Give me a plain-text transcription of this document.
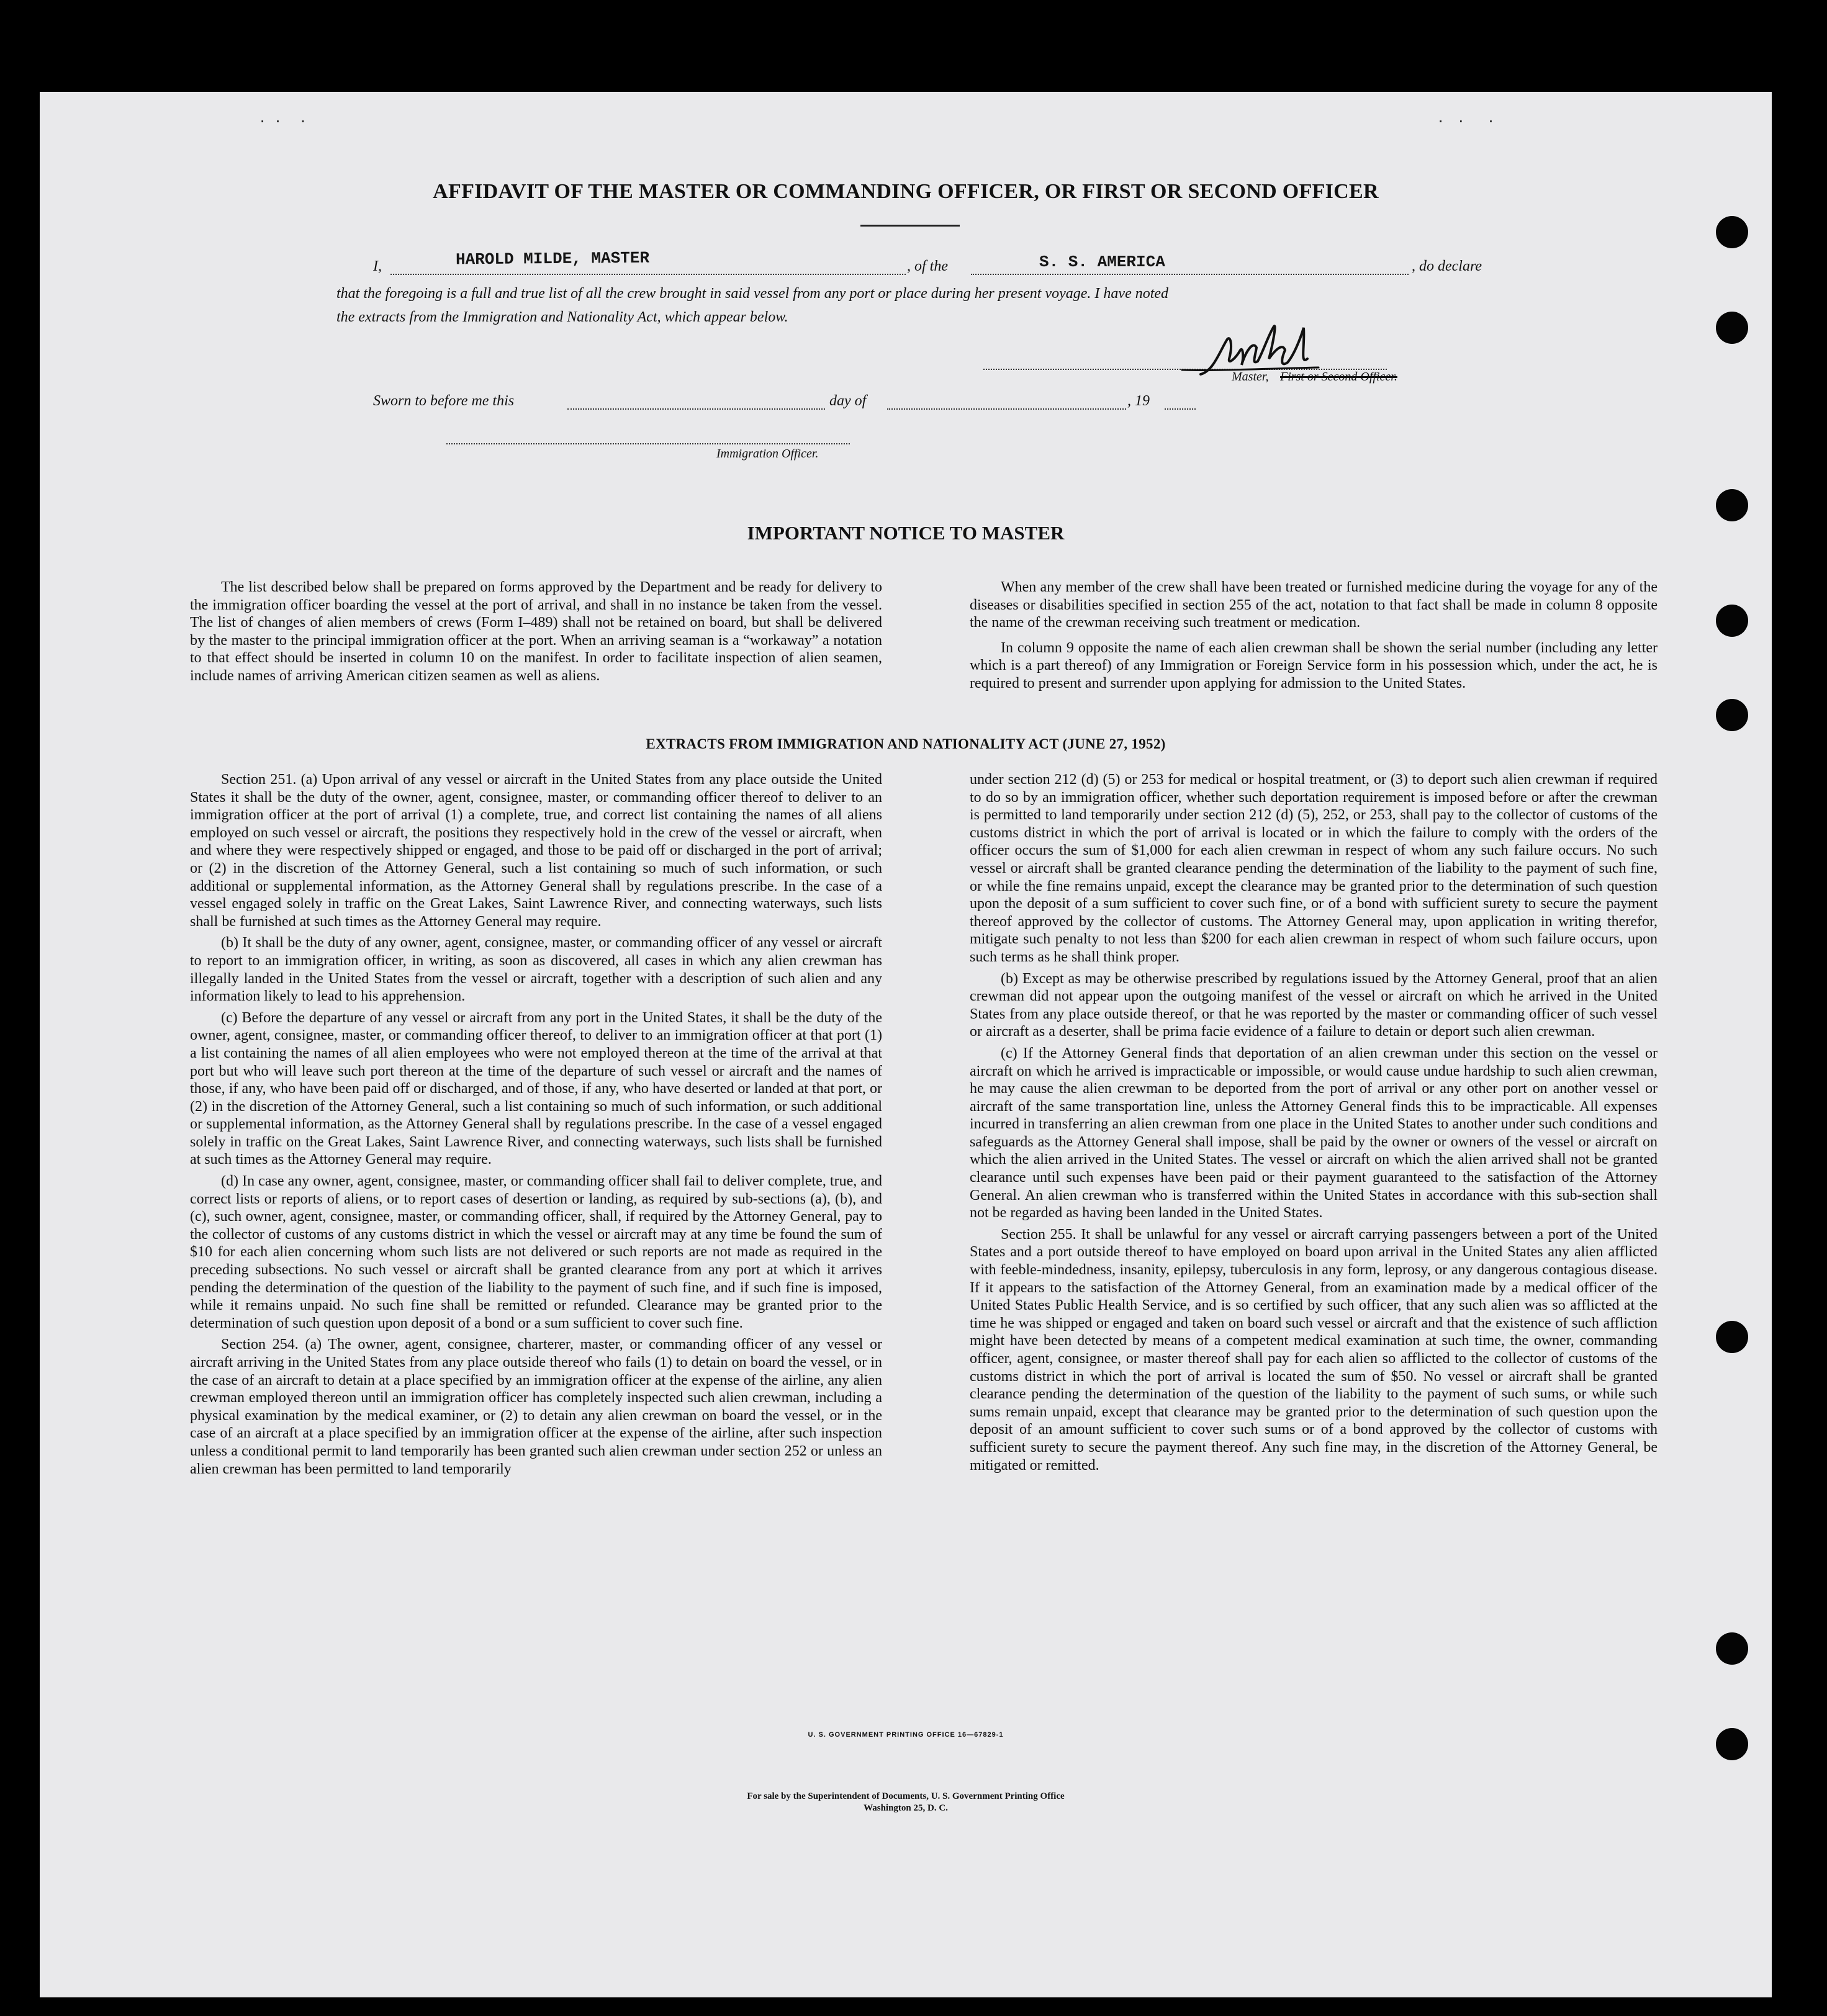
·  ·    ·	·   ·     ·
AFFIDAVIT OF THE MASTER OR COMMANDING OFFICER, OR FIRST OR SECOND OFFICER
I,	HAROLD MILDE, MASTER	, of the	S. S. AMERICA	, do declare
that the foregoing is a full and true list of all the crew brought in said vessel from any port or place during her present voyage. I have noted
the extracts from the Immigration and Nationality Act, which appear below.
Master, First or Second Officer.
Sworn to before me this	day of	, 19
Immigration Officer.
IMPORTANT NOTICE TO MASTER

The list described below shall be prepared on forms approved by the Department and be ready for delivery to the immigration officer boarding the vessel at the port of arrival, and shall in no instance be taken from the vessel. The list of changes of alien members of crews (Form I–489) shall not be retained on board, but shall be delivered by the master to the principal immigration officer at the port. When an arriving seaman is a “workaway” a notation to that effect should be inserted in column 10 on the manifest. In order to facilitate inspection of alien seamen, include names of arriving American citizen seamen as well as aliens.

When any member of the crew shall have been treated or furnished medicine during the voyage for any of the diseases or disabilities specified in section 255 of the act, notation to that fact shall be made in column 8 opposite the name of the crewman receiving such treatment or medication.

In column 9 opposite the name of each alien crewman shall be shown the serial number (including any letter which is a part thereof) of any Immigration or Foreign Service form in his possession which, under the act, he is required to present and surrender upon applying for admission to the United States.

EXTRACTS FROM IMMIGRATION AND NATIONALITY ACT (JUNE 27, 1952)

Section 251. (a) Upon arrival of any vessel or aircraft in the United States from any place outside the United States it shall be the duty of the owner, agent, consignee, master, or commanding officer thereof to deliver to an immigration officer at the port of arrival (1) a complete, true, and correct list containing the names of all aliens employed on such vessel or aircraft, the positions they respectively hold in the crew of the vessel or aircraft, when and where they were respectively shipped or engaged, and those to be paid off or discharged in the port of arrival; or (2) in the discretion of the Attorney General, such a list containing so much of such information, or such additional or supplemental information, as the Attorney General shall by regulations prescribe. In the case of a vessel engaged solely in traffic on the Great Lakes, Saint Lawrence River, and connecting waterways, such lists shall be furnished at such times as the Attorney General may require.

(b) It shall be the duty of any owner, agent, consignee, master, or commanding officer of any vessel or aircraft to report to an immigration officer, in writing, as soon as discovered, all cases in which any alien crewman has illegally landed in the United States from the vessel or aircraft, together with a description of such alien and any information likely to lead to his apprehension.

(c) Before the departure of any vessel or aircraft from any port in the United States, it shall be the duty of the owner, agent, consignee, master, or commanding officer thereof, to deliver to an immigration officer at that port (1) a list containing the names of all alien employees who were not employed thereon at the time of the arrival at that port but who will leave such port thereon at the time of the departure of such vessel or aircraft and the names of those, if any, who have been paid off or discharged, and of those, if any, who have deserted or landed at that port, or (2) in the discretion of the Attorney General, such a list containing so much of such information, or such additional or supplemental information, as the Attorney General shall by regulations prescribe. In the case of a vessel engaged solely in traffic on the Great Lakes, Saint Lawrence River, and connecting waterways, such lists shall be furnished at such times as the Attorney General may require.

(d) In case any owner, agent, consignee, master, or commanding officer shall fail to deliver complete, true, and correct lists or reports of aliens, or to report cases of desertion or landing, as required by sub-sections (a), (b), and (c), such owner, agent, consignee, master, or commanding officer, shall, if required by the Attorney General, pay to the collector of customs of any customs district in which the vessel or aircraft may at any time be found the sum of $10 for each alien concerning whom such lists are not delivered or such reports are not made as required in the preceding subsections. No such vessel or aircraft shall be granted clearance from any port at which it arrives pending the determination of the question of the liability to the payment of such fine, and if such fine is imposed, while it remains unpaid. No such fine shall be remitted or refunded. Clearance may be granted prior to the determination of such question upon deposit of a bond or a sum sufficient to cover such fine.

Section 254. (a) The owner, agent, consignee, charterer, master, or commanding officer of any vessel or aircraft arriving in the United States from any place outside thereof who fails (1) to detain on board the vessel, or in the case of an aircraft to detain at a place specified by an immigration officer at the expense of the airline, any alien crewman employed thereon until an immigration officer has completely inspected such alien crewman, including a physical examination by the medical examiner, or (2) to detain any alien crewman on board the vessel, or in the case of an aircraft at a place specified by an immigration officer at the expense of the airline, after such inspection unless a conditional permit to land temporarily has been granted such alien crewman under section 252 or unless an alien crewman has been permitted to land temporarily

under section 212 (d) (5) or 253 for medical or hospital treatment, or (3) to deport such alien crewman if required to do so by an immigration officer, whether such deportation requirement is imposed before or after the crewman is permitted to land temporarily under section 212 (d) (5), 252, or 253, shall pay to the collector of customs of the customs district in which the port of arrival is located or in which the failure to comply with the orders of the officer occurs the sum of $1,000 for each alien crewman in respect of whom any such failure occurs. No such vessel or aircraft shall be granted clearance pending the determination of the liability to the payment of such fine, or while the fine remains unpaid, except the clearance may be granted prior to the determination of such question upon the deposit of a sum sufficient to cover such fine, or of a bond with sufficient surety to secure the payment thereof approved by the collector of customs. The Attorney General may, upon application in writing therefor, mitigate such penalty to not less than $200 for each alien crewman in respect of whom such failure occurs, upon such terms as he shall think proper.

(b) Except as may be otherwise prescribed by regulations issued by the Attorney General, proof that an alien crewman did not appear upon the outgoing manifest of the vessel or aircraft on which he arrived in the United States from any place outside thereof, or that he was reported by the master or commanding officer of such vessel or aircraft as a deserter, shall be prima facie evidence of a failure to detain or deport such alien crewman.

(c) If the Attorney General finds that deportation of an alien crewman under this section on the vessel or aircraft on which he arrived is impracticable or impossible, or would cause undue hardship to such alien crewman, he may cause the alien crewman to be deported from the port of arrival or any other port on another vessel or aircraft of the same transportation line, unless the Attorney General finds this to be impracticable. All expenses incurred in transferring an alien crewman from one place in the United States to another under such conditions and safeguards as the Attorney General shall impose, shall be paid by the owner or owners of the vessel or aircraft on which the alien arrived in the United States. The vessel or aircraft on which the alien arrived shall not be granted clearance until such expenses have been paid or their payment guaranteed to the satisfaction of the Attorney General. An alien crewman who is transferred within the United States in accordance with this sub-section shall not be regarded as having been landed in the United States.

Section 255. It shall be unlawful for any vessel or aircraft carrying passengers between a port of the United States and a port outside thereof to have employed on board upon arrival in the United States any alien afflicted with feeble-mindedness, insanity, epilepsy, tuberculosis in any form, leprosy, or any dangerous contagious disease. If it appears to the satisfaction of the Attorney General, from an examination made by a medical officer of the United States Public Health Service, and is so certified by such officer, that any such alien was so afflicted at the time he was shipped or engaged and taken on board such vessel or aircraft and that the existence of such affliction might have been detected by means of a competent medical examination at such time, the owner, commanding officer, agent, consignee, or master thereof shall pay for each alien so afflicted to the collector of customs of the customs district in which the port of arrival is located the sum of $50. No vessel or aircraft shall be granted clearance pending the determination of the question of the liability to the payment of such sums, or while such sums remain unpaid, except that clearance may be granted prior to the determination of such question upon the deposit of an amount sufficient to cover such sums or of a bond approved by the collector of customs with sufficient surety to secure the payment thereof. Any such fine may, in the discretion of the Attorney General, be mitigated or remitted.

U. S. GOVERNMENT PRINTING OFFICE 16—67829-1
For sale by the Superintendent of Documents, U. S. Government Printing Office
Washington 25, D. C.
